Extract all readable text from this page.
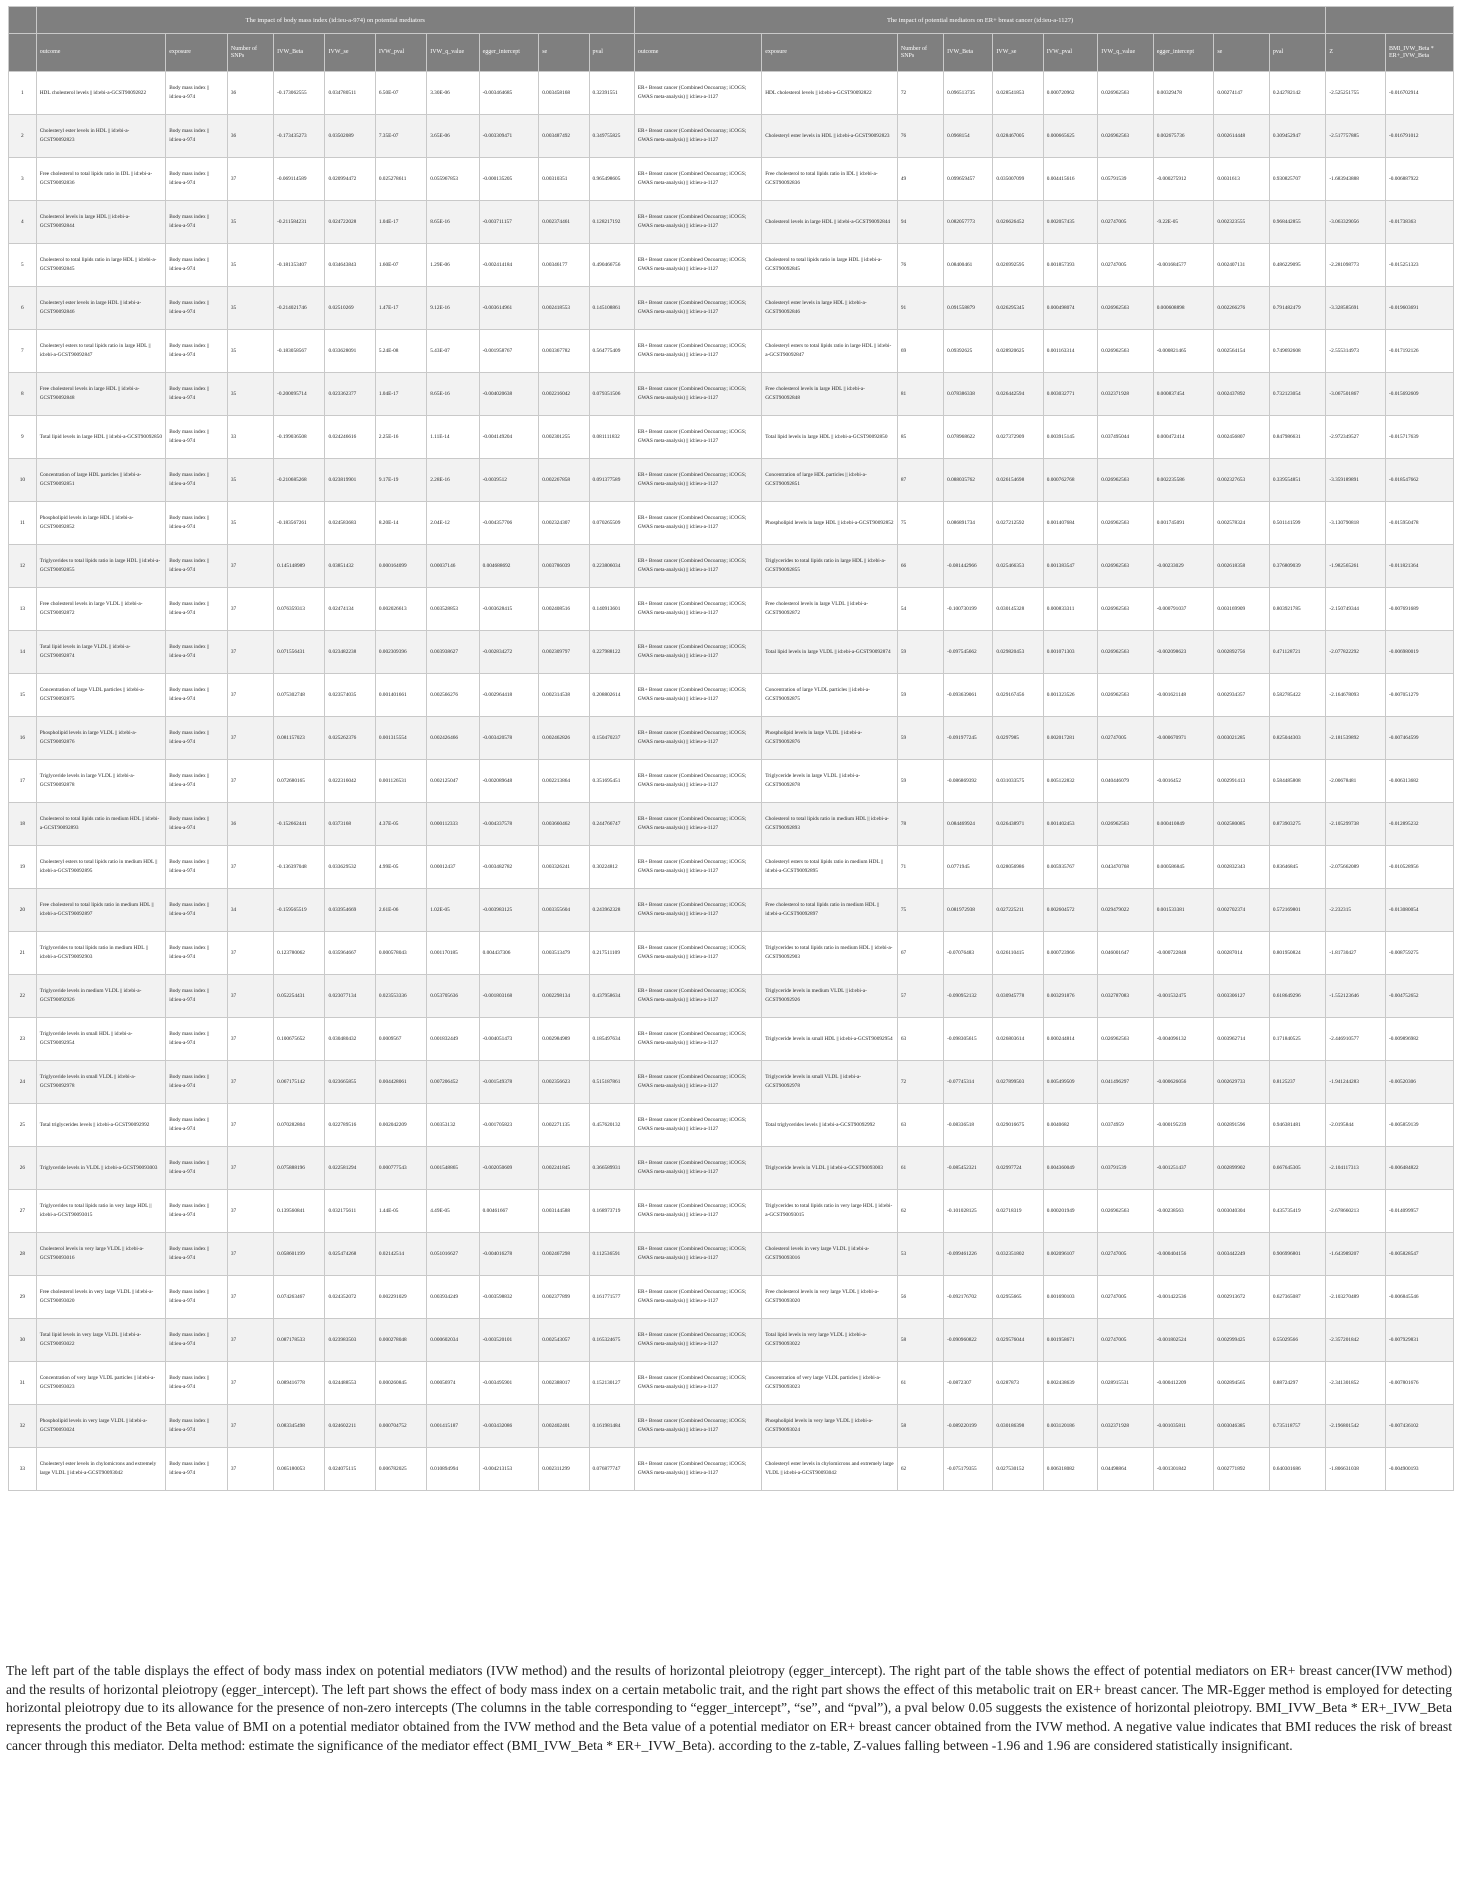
	The impact of body mass index (id:ieu-a-974) on potential mediators										The impact of potential mediators on ER+ breast cancer (id:ieu-a-1127)											
	outcome	exposure	Number of SNPs	IVW_Beta	IVW_se	IVW_pval	IVW_q_value	egger_intercept	se	pval	outcome	exposure	Number of SNPs	IVW_Beta	IVW_se	IVW_pval	IVW_q_value	egger_intercept	se	pval	Z	BMI_IVW_Beta * ER+_IVW_Beta
1	HDL cholesterol levels || id:ebi-a-GCST90092822	Body mass index || id:ieu-a-974	36	-0.173062555	0.034780511	6.50E-07	3.30E-06	-0.003464685	0.003458168	0.32391551	ER+ Breast cancer (Combined Oncoarray; iCOGS; GWAS meta-analysis) || id:ieu-a-1127	HDL cholesterol levels || id:ebi-a-GCST90092822	72	0.096513735	0.028541853	0.000720962	0.026962563	0.00329478	0.00274147	0.242782142	-2.525251755	-0.016702914
2	Cholesteryl ester levels in HDL || id:ebi-a-GCST90092823	Body mass index || id:ieu-a-974	36	-0.173435273	0.03502089	7.35E-07	3.65E-06	-0.003309471	0.003487492	0.349755825	ER+ Breast cancer (Combined Oncoarray; iCOGS; GWAS meta-analysis) || id:ieu-a-1127	Cholesteryl ester levels in HDL || id:ebi-a-GCST90092823	76	0.0968154	0.028467005	0.000665625	0.026962563	0.002675736	0.002614448	0.309452947	-2.517757885	-0.016791012
3	Free cholesterol to total lipids ratio in IDL || id:ebi-a-GCST90092836	Body mass index || id:ieu-a-974	37	-0.069114589	0.020994472	0.025278611	0.055967853	-0.000135205	0.00310351	0.965498605	ER+ Breast cancer (Combined Oncoarray; iCOGS; GWAS meta-analysis) || id:ieu-a-1127	Free cholesterol to total lipids ratio in IDL || id:ebi-a-GCST90092836	49	0.099659457	0.035007099	0.004415616	0.05791539	-0.000275912	0.0031613	0.930825707	-1.683943888	-0.006887922
4	Cholesterol levels in large HDL || id:ebi-a-GCST90092844	Body mass index || id:ieu-a-974	35	-0.211584231	0.024722028	1.04E-17	8.65E-16	-0.003711157	0.002374461	0.128217192	ER+ Breast cancer (Combined Oncoarray; iCOGS; GWAS meta-analysis) || id:ieu-a-1127	Cholesterol levels in large HDL || id:ebi-a-GCST90092844	94	0.082057773	0.026626452	0.002057435	0.02747005	-9.22E-05	0.002323555	0.968442855	-3.063329056	-0.01738363
5	Cholesterol to total lipids ratio in large HDL || id:ebi-a-GCST90092845	Body mass index || id:ieu-a-974	35	-0.181353407	0.034643843	1.60E-07	1.29E-06	-0.002414184	0.00346177	0.490466756	ER+ Breast cancer (Combined Oncoarray; iCOGS; GWAS meta-analysis) || id:ieu-a-1127	Cholesterol to total lipids ratio in large HDL || id:ebi-a-GCST90092845	76	0.08400461	0.026992595	0.001857393	0.02747005	-0.001684577	0.002407131	0.486229095	-2.281098773	-0.015251323
6	Cholesteryl ester levels in large HDL || id:ebi-a-GCST90092846	Body mass index || id:ieu-a-974	35	-0.214021746	0.02510269	1.47E-17	9.12E-16	-0.003614961	0.002418553	0.145108861	ER+ Breast cancer (Combined Oncoarray; iCOGS; GWAS meta-analysis) || id:ieu-a-1127	Cholesteryl ester levels in large HDL || id:ebi-a-GCST90092846	91	0.091558879	0.026295345	0.000498074	0.026962563	0.000608898	0.002266276	0.791482479	-3.328585691	-0.019603691
7	Cholesteryl esters to total lipids ratio in large HDL || id:ebi-a-GCST90092847	Body mass index || id:ieu-a-974	35	-0.183058567	0.033628091	5.24E-08	5.43E-07	-0.001958767	0.003367782	0.564775409	ER+ Breast cancer (Combined Oncoarray; iCOGS; GWAS meta-analysis) || id:ieu-a-1127	Cholesteryl esters to total lipids ratio in large HDL || id:ebi-a-GCST90092847	69	0.09392625	0.028920625	0.001163314	0.026962563	-0.000821465	0.002564154	0.749692608	-2.555314973	-0.017192126
8	Free cholesterol levels in large HDL || id:ebi-a-GCST90092848	Body mass index || id:ieu-a-974	35	-0.200095714	0.023362377	1.04E-17	8.65E-16	-0.004020638	0.002216042	0.079351506	ER+ Breast cancer (Combined Oncoarray; iCOGS; GWAS meta-analysis) || id:ieu-a-1127	Free cholesterol levels in large HDL || id:ebi-a-GCST90092848	81	0.078386338	0.026442594	0.003032771	0.032371928	0.000837454	0.002437892	0.732123054	-3.067501867	-0.015692609
9	Total lipid levels in large HDL || id:ebi-a-GCST90092850	Body mass index || id:ieu-a-974	33	-0.199036508	0.024246616	2.25E-16	1.11E-14	-0.004149204	0.002301255	0.081111832	ER+ Breast cancer (Combined Oncoarray; iCOGS; GWAS meta-analysis) || id:ieu-a-1127	Total lipid levels in large HDL || id:ebi-a-GCST90092850	85	0.078968622	0.027372909	0.003915145	0.037495044	0.000472414	0.002456807	0.847986631	-2.972349527	-0.015717639
10	Concentration of large HDL particles || id:ebi-a-GCST90092851	Body mass index || id:ieu-a-974	35	-0.210685268	0.023819901	9.17E-19	2.28E-16	-0.0039512	0.002267858	0.091377589	ER+ Breast cancer (Combined Oncoarray; iCOGS; GWAS meta-analysis) || id:ieu-a-1127	Concentration of large HDL particles || id:ebi-a-GCST90092851	87	0.088035762	0.026154698	0.000762768	0.026962563	0.002235586	0.002327653	0.339554851	-3.359189891	-0.018547662
11	Phospholipid levels in large HDL || id:ebi-a-GCST90092852	Body mass index || id:ieu-a-974	35	-0.183567261	0.024583683	8.20E-14	2.04E-12	-0.004357706	0.002324307	0.070265509	ER+ Breast cancer (Combined Oncoarray; iCOGS; GWAS meta-analysis) || id:ieu-a-1127	Phospholipid levels in large HDL || id:ebi-a-GCST90092852	75	0.086891734	0.027212592	0.001407684	0.026962563	0.001745091	0.002578324	0.501141599	-3.130790818	-0.015950478
12	Triglycerides to total lipids ratio in large HDL || id:ebi-a-GCST90092855	Body mass index || id:ieu-a-974	37	0.145148989	0.03851432	0.000164099	0.00037146	0.004688692	0.003786039	0.223806034	ER+ Breast cancer (Combined Oncoarray; iCOGS; GWAS meta-analysis) || id:ieu-a-1127	Triglycerides to total lipids ratio in large HDL || id:ebi-a-GCST90092855	66	-0.081442966	0.025466353	0.001383547	0.026962563	-0.00233029	0.002618358	0.376809039	-1.982565261	-0.011821364
13	Free cholesterol levels in large VLDL || id:ebi-a-GCST90092872	Body mass index || id:ieu-a-974	37	0.076359313	0.02474134	0.002026613	0.003528853	-0.003628415	0.002408516	0.140913601	ER+ Breast cancer (Combined Oncoarray; iCOGS; GWAS meta-analysis) || id:ieu-a-1127	Free cholesterol levels in large VLDL || id:ebi-a-GCST90092872	54	-0.100730199	0.030145328	0.000833311	0.026962563	-0.000791037	0.003169909	0.803921785	-2.150749344	-0.007691689
14	Total lipid levels in large VLDL || id:ebi-a-GCST90092874	Body mass index || id:ieu-a-974	37	0.071556431	0.023482238	0.002309396	0.003938627	-0.002834272	0.002309797	0.227988122	ER+ Breast cancer (Combined Oncoarray; iCOGS; GWAS meta-analysis) || id:ieu-a-1127	Total lipid levels in large VLDL || id:ebi-a-GCST90092874	59	-0.097545662	0.029820453	0.001071303	0.026962563	-0.002098623	0.002892756	0.471128721	-2.077822292	-0.006980019
15	Concentration of large VLDL particles || id:ebi-a-GCST90092875	Body mass index || id:ieu-a-974	37	0.075302748	0.023574035	0.001401661	0.002566276	-0.002964418	0.002314538	0.208802614	ER+ Breast cancer (Combined Oncoarray; iCOGS; GWAS meta-analysis) || id:ieu-a-1127	Concentration of large VLDL particles || id:ebi-a-GCST90092875	59	-0.093639061	0.029167456	0.001323526	0.026962563	-0.001621148	0.002934357	0.582785422	-2.164678093	-0.007051279
16	Phospholipid levels in large VLDL || id:ebi-a-GCST90092876	Body mass index || id:ieu-a-974	37	0.081157023	0.025262376	0.001315554	0.002426466	-0.003420578	0.002462826	0.150470237	ER+ Breast cancer (Combined Oncoarray; iCOGS; GWAS meta-analysis) || id:ieu-a-1127	Phospholipid levels in large VLDL || id:ebi-a-GCST90092876	59	-0.091977245	0.0297985	0.002017281	0.02747005	-0.000670971	0.003021285	0.825044303	-2.181539892	-0.007464599
17	Triglyceride levels in large VLDL || id:ebi-a-GCST90092878	Body mass index || id:ieu-a-974	37	0.072680165	0.022316042	0.001126531	0.002125047	-0.002089648	0.002213864	0.351695451	ER+ Breast cancer (Combined Oncoarray; iCOGS; GWAS meta-analysis) || id:ieu-a-1127	Triglyceride levels in large VLDL || id:ebi-a-GCST90092878	59	-0.086869392	0.031033575	0.005122832	0.040446079	-0.0016452	0.002991413	0.584485808	-2.00678481	-0.006313682
18	Cholesterol to total lipids ratio in medium HDL || id:ebi-a-GCST90092893	Body mass index || id:ieu-a-974	36	-0.152662441	0.0373168	4.37E-05	0.000112333	-0.004337578	0.003660462	0.244766747	ER+ Breast cancer (Combined Oncoarray; iCOGS; GWAS meta-analysis) || id:ieu-a-1127	Cholesterol to total lipids ratio in medium HDL || id:ebi-a-GCST90092893	78	0.084469924	0.026438971	0.001402453	0.026962563	0.000410849	0.002580085	0.873903275	-2.105299738	-0.012895232
19	Cholesteryl esters to total lipids ratio in medium HDL || id:ebi-a-GCST90092895	Body mass index || id:ieu-a-974	37	-0.136397048	0.033629532	4.99E-05	0.00012437	-0.003482782	0.003326241	0.30224812	ER+ Breast cancer (Combined Oncoarray; iCOGS; GWAS meta-analysis) || id:ieu-a-1127	Cholesteryl esters to total lipids ratio in medium HDL || id:ebi-a-GCST90092895	71	0.0771945	0.028056986	0.005935767	0.043470768	0.000586845	0.002832343	0.83646845	-2.075662089	-0.010528956
20	Free cholesterol to total lipids ratio in medium HDL || id:ebi-a-GCST90092897	Body mass index || id:ieu-a-974	34	-0.159565519	0.033954669	2.61E-06	1.02E-05	-0.003983125	0.003355604	0.243962328	ER+ Breast cancer (Combined Oncoarray; iCOGS; GWAS meta-analysis) || id:ieu-a-1127	Free cholesterol to total lipids ratio in medium HDL || id:ebi-a-GCST90092897	75	0.081972938	0.027225211	0.002604572	0.029479022	0.001533381	0.002702374	0.572169801	-2.232315	-0.013080054
21	Triglycerides to total lipids ratio in medium HDL || id:ebi-a-GCST90092903	Body mass index || id:ieu-a-974	37	0.123780062	0.035964667	0.000578043	0.001170185	0.004437306	0.003513479	0.217511109	ER+ Breast cancer (Combined Oncoarray; iCOGS; GWAS meta-analysis) || id:ieu-a-1127	Triglycerides to total lipids ratio in medium HDL || id:ebi-a-GCST90092903	67	-0.07076483	0.026110415	0.000723966	0.046001647	-0.000722848	0.00287014	0.801950824	-1.81730427	-0.008759275
22	Triglyceride levels in medium VLDL || id:ebi-a-GCST90092926	Body mass index || id:ieu-a-974	37	0.052254431	0.023077134	0.023553336	0.053705636	-0.001803168	0.002298134	0.437958634	ER+ Breast cancer (Combined Oncoarray; iCOGS; GWAS meta-analysis) || id:ieu-a-1127	Triglyceride levels in medium VLDL || id:ebi-a-GCST90092926	57	-0.090952132	0.030945778	0.003291876	0.032787083	-0.001532475	0.003306127	0.618649296	-1.552123646	-0.004752652
23	Triglyceride levels in small HDL || id:ebi-a-GCST90092954	Body mass index || id:ieu-a-974	37	0.100675652	0.030480432	0.0009567	0.001832449	-0.004051473	0.002984989	0.185497634	ER+ Breast cancer (Combined Oncoarray; iCOGS; GWAS meta-analysis) || id:ieu-a-1127	Triglyceride levels in small HDL || id:ebi-a-GCST90092954	63	-0.098305615	0.026803614	0.000244814	0.026962563	-0.004096132	0.003962714	0.171840525	-2.446910577	-0.009896982
24	Triglyceride levels in small VLDL || id:ebi-a-GCST90092978	Body mass index || id:ieu-a-974	37	0.067175142	0.023665855	0.004428061	0.007206452	-0.001549378	0.002356623	0.515187861	ER+ Breast cancer (Combined Oncoarray; iCOGS; GWAS meta-analysis) || id:ieu-a-1127	Triglyceride levels in small VLDL || id:ebi-a-GCST90092978	72	-0.07745314	0.027899503	0.005499509	0.041496297	-0.000626056	0.002629733	0.8125237	-1.941244283	-0.00520306
25	Total triglycerides levels || id:ebi-a-GCST90092992	Body mass index || id:ieu-a-974	37	0.070282804	0.022789516	0.002042209	0.00353132	-0.001705823	0.002271135	0.457620132	ER+ Breast cancer (Combined Oncoarray; iCOGS; GWAS meta-analysis) || id:ieu-a-1127	Total triglycerides levels || id:ebi-a-GCST90092992	63	-0.08336518	0.029016675	0.0040682	0.0374959	-0.000195239	0.002891596	0.946381481	-2.0195844	-0.005859139
26	Triglyceride levels in VLDL || id:ebi-a-GCST90093003	Body mass index || id:ieu-a-974	37	0.075888196	0.022581294	0.000777543	0.001548865	-0.002050609	0.002241845	0.366589931	ER+ Breast cancer (Combined Oncoarray; iCOGS; GWAS meta-analysis) || id:ieu-a-1127	Triglyceride levels in VLDL || id:ebi-a-GCST90093003	61	-0.085452321	0.02997724	0.004360049	0.03791539	-0.001251437	0.002899902	0.667645305	-2.104117313	-0.006484822
27	Triglycerides to total lipids ratio in very large HDL || id:ebi-a-GCST90093015	Body mass index || id:ieu-a-974	37	0.139560841	0.032175611	1.44E-05	4.49E-05	0.00461667	0.003144588	0.168973719	ER+ Breast cancer (Combined Oncoarray; iCOGS; GWAS meta-analysis) || id:ieu-a-1127	Triglycerides to total lipids ratio in very large HDL || id:ebi-a-GCST90093015	62	-0.101028125	0.02718319	0.000201949	0.026962563	-0.00238563	0.003040304	0.435735419	-2.678660213	-0.014099957
28	Cholesterol levels in very large VLDL || id:ebi-a-GCST90093016	Body mass index || id:ieu-a-974	37	0.058601199	0.025474268	0.02142514	0.051016627	-0.004016278	0.002467298	0.112536591	ER+ Breast cancer (Combined Oncoarray; iCOGS; GWAS meta-analysis) || id:ieu-a-1127	Cholesterol levels in very large VLDL || id:ebi-a-GCST90093016	53	-0.099461226	0.032351802	0.002096107	0.02747005	-0.000404156	0.003442249	0.906996801	-1.643989207	-0.005828547
29	Free cholesterol levels in very large VLDL || id:ebi-a-GCST90093020	Body mass index || id:ieu-a-974	37	0.074263467	0.024352072	0.002291029	0.003934249	-0.003598832	0.002377899	0.161771577	ER+ Breast cancer (Combined Oncoarray; iCOGS; GWAS meta-analysis) || id:ieu-a-1127	Free cholesterol levels in very large VLDL || id:ebi-a-GCST90093020	56	-0.092176702	0.02955665	0.001690103	0.02747005	-0.001422536	0.002913672	0.627365087	-2.103270489	-0.006845546
30	Total lipid levels in very large VLDL || id:ebi-a-GCST90093022	Body mass index || id:ieu-a-974	37	0.087178533	0.023983503	0.000278048	0.000602034	-0.003520101	0.002543057	0.165324675	ER+ Breast cancer (Combined Oncoarray; iCOGS; GWAS meta-analysis) || id:ieu-a-1127	Total lipid levels in very large VLDL || id:ebi-a-GCST90093022	58	-0.090960822	0.029576044	0.001958671	0.02747005	-0.001802524	0.002999425	0.55029566	-2.357201842	-0.007929831
31	Concentration of very large VLDL particles || id:ebi-a-GCST90093023	Body mass index || id:ieu-a-974	37	0.089416778	0.024488553	0.000260845	0.00056974	-0.003495901	0.002388017	0.152130127	ER+ Breast cancer (Combined Oncoarray; iCOGS; GWAS meta-analysis) || id:ieu-a-1127	Concentration of very large VLDL particles || id:ebi-a-GCST90093023	61	-0.0872307	0.0287873	0.002438639	0.028915531	-0.000412209	0.002894565	0.88724297	-2.341301852	-0.007801676
32	Phospholipid levels in very large VLDL || id:ebi-a-GCST90093024	Body mass index || id:ieu-a-974	37	0.083345498	0.024602211	0.000704752	0.001415187	-0.003432086	0.002402401	0.161981484	ER+ Breast cancer (Combined Oncoarray; iCOGS; GWAS meta-analysis) || id:ieu-a-1127	Phospholipid levels in very large VLDL || id:ebi-a-GCST90093024	58	-0.089220199	0.030186398	0.003120186	0.032371928	-0.001035811	0.003046385	0.735118757	-2.196801542	-0.007436102
33	Cholesteryl ester levels in chylomicrons and extremely large VLDL || id:ebi-a-GCST90093042	Body mass index || id:ieu-a-974	37	0.065180053	0.024075115	0.006782025	0.010894994	-0.004213153	0.002311299	0.076877747	ER+ Breast cancer (Combined Oncoarray; iCOGS; GWAS meta-analysis) || id:ieu-a-1127	Cholesteryl ester levels in chylomicrons and extremely large VLDL || id:ebi-a-GCST90093042	62	-0.075179355	0.027530152	0.006318082	0.04498864	-0.001301842	0.002771892	0.640301686	-1.806631038	-0.004900193
The left part of the table displays the effect of body mass index on potential mediators (IVW method) and the results of horizontal pleiotropy (egger_intercept). The right part of the table shows the effect of potential mediators on ER+ breast cancer(IVW method) and the results of horizontal pleiotropy (egger_intercept). The left part shows the effect of body mass index on a certain metabolic trait, and the right part shows the effect of this metabolic trait on ER+ breast cancer. The MR-Egger method is employed for detecting horizontal pleiotropy due to its allowance for the presence of non-zero intercepts (The columns in the table corresponding to “egger_intercept”, “se”, and “pval”), a pval below 0.05 suggests the existence of horizontal pleiotropy. BMI_IVW_Beta * ER+_IVW_Beta represents the product of the Beta value of BMI on a potential mediator obtained from the IVW method and the Beta value of a potential mediator on ER+ breast cancer obtained from the IVW method. A negative value indicates that BMI reduces the risk of breast cancer through this mediator. Delta method: estimate the significance of the mediator effect (BMI_IVW_Beta * ER+_IVW_Beta). according to the z-table, Z-values falling between -1.96 and 1.96 are considered statistically insignificant.
